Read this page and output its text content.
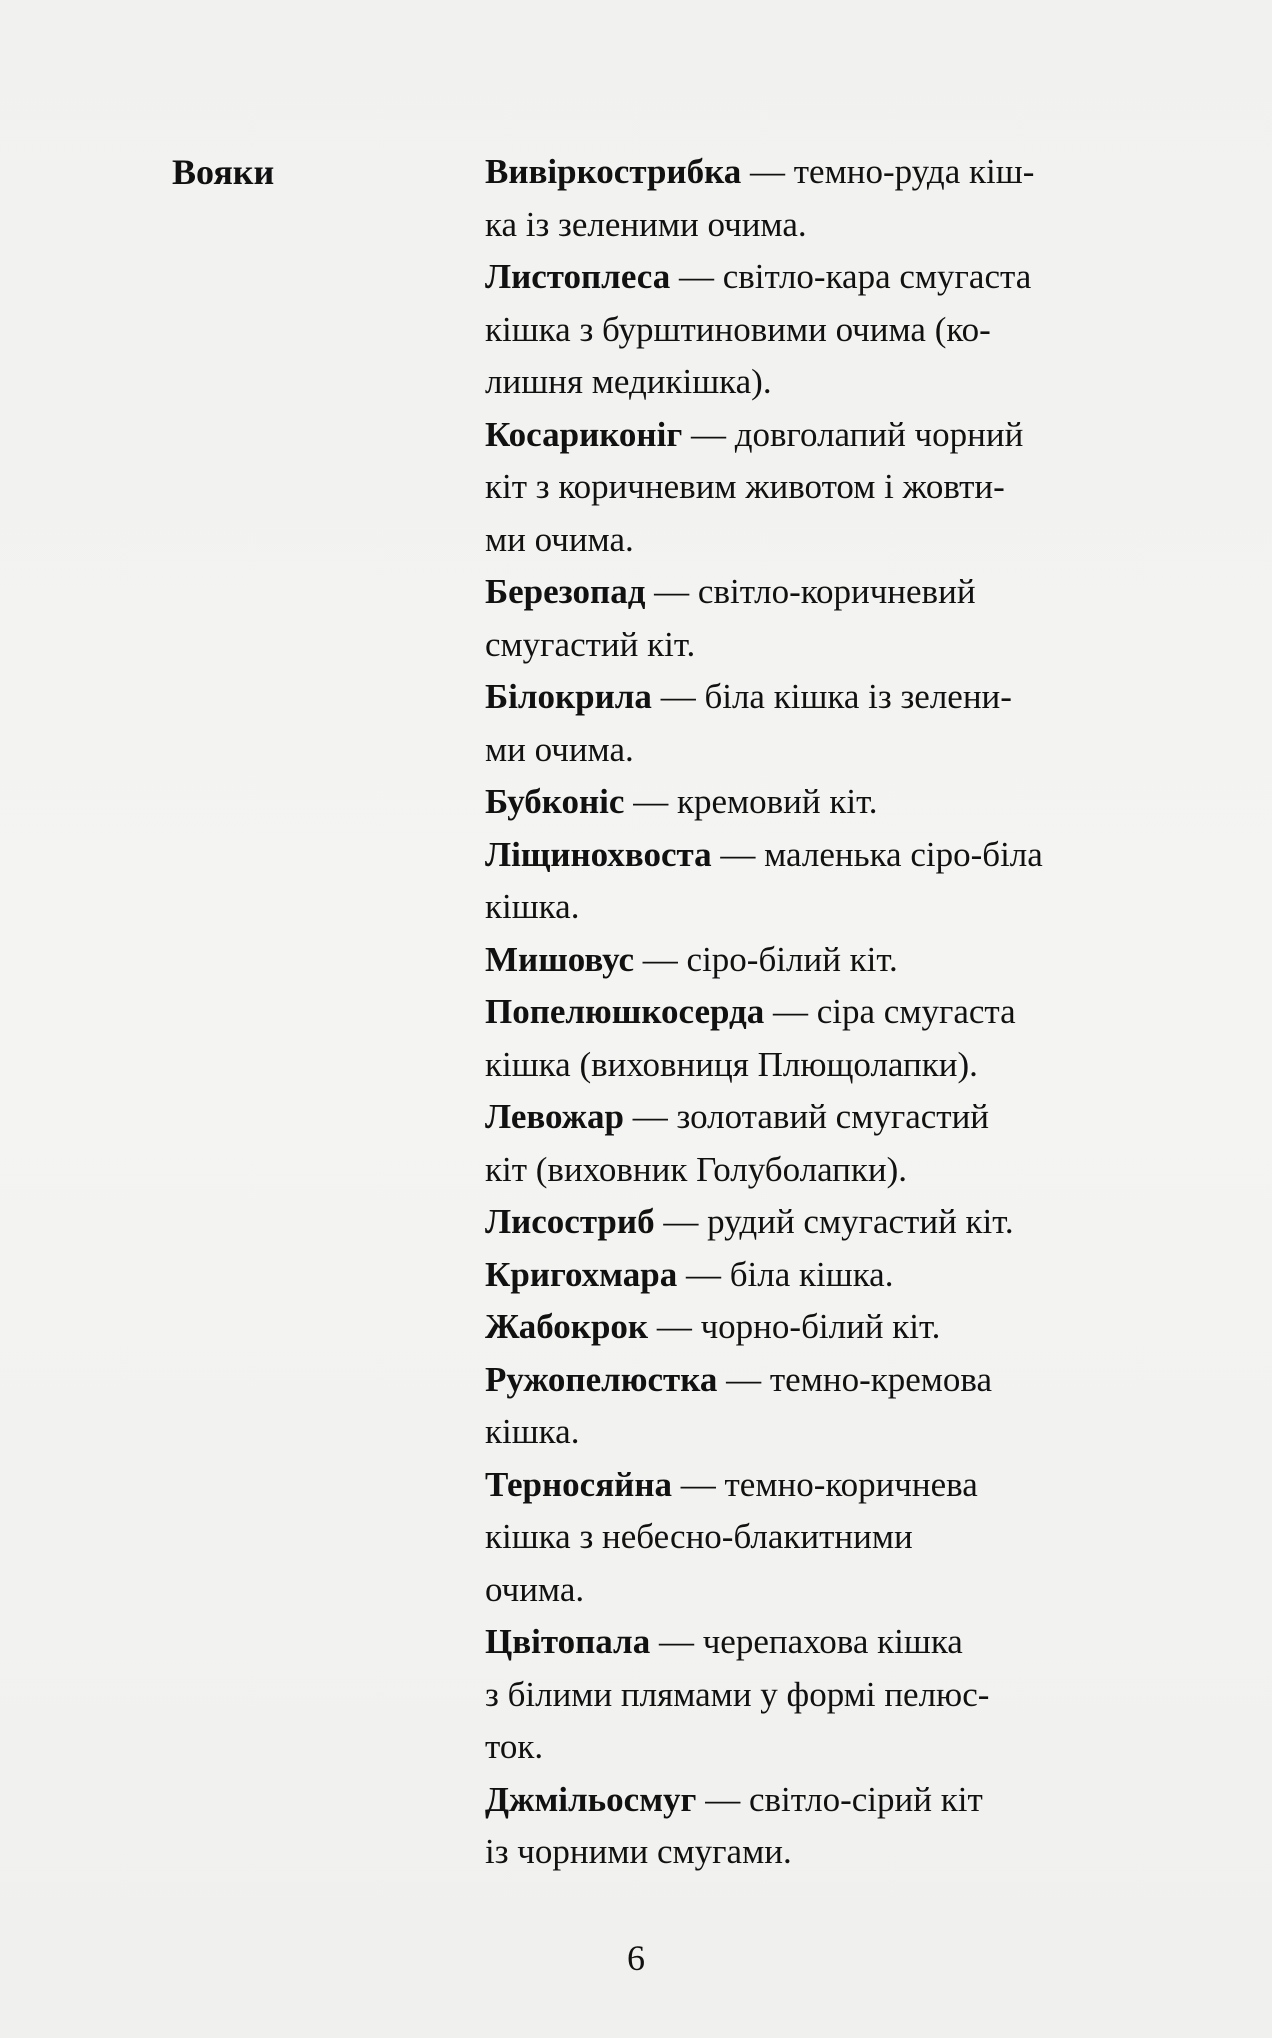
Вояки	Вивіркострибка — темно-руда кіш-
ка із зеленими очима.
Листоплеса — світло-кара смугаста
кішка з бурштиновими очима (ко-
лишня медикішка).
Косариконіг — довголапий чорний
кіт з коричневим животом і жовти-
ми очима.
Березопад — світло-коричневий
смугастий кіт.
Білокрила — біла кішка із зелени-
ми очима.
Бубконіс — кремовий кіт.
Ліщинохвоста — маленька сіро-біла
кішка.
Мишовус — сіро-білий кіт.
Попелюшкосерда — сіра смугаста
кішка (виховниця Плющолапки).
Левожар — золотавий смугастий
кіт (виховник Голуболапки).
Лисостриб — рудий смугастий кіт.
Кригохмара — біла кішка.
Жабокрок — чорно-білий кіт.
Ружопелюстка — темно-кремова
кішка.
Терносяйна — темно-коричнева
кішка з небесно-блакитними
очима.
Цвітопала — черепахова кішка
з білими плямами у формі пелюс-
ток.
Джмільосмуг — світло-сірий кіт
із чорними смугами.
6
